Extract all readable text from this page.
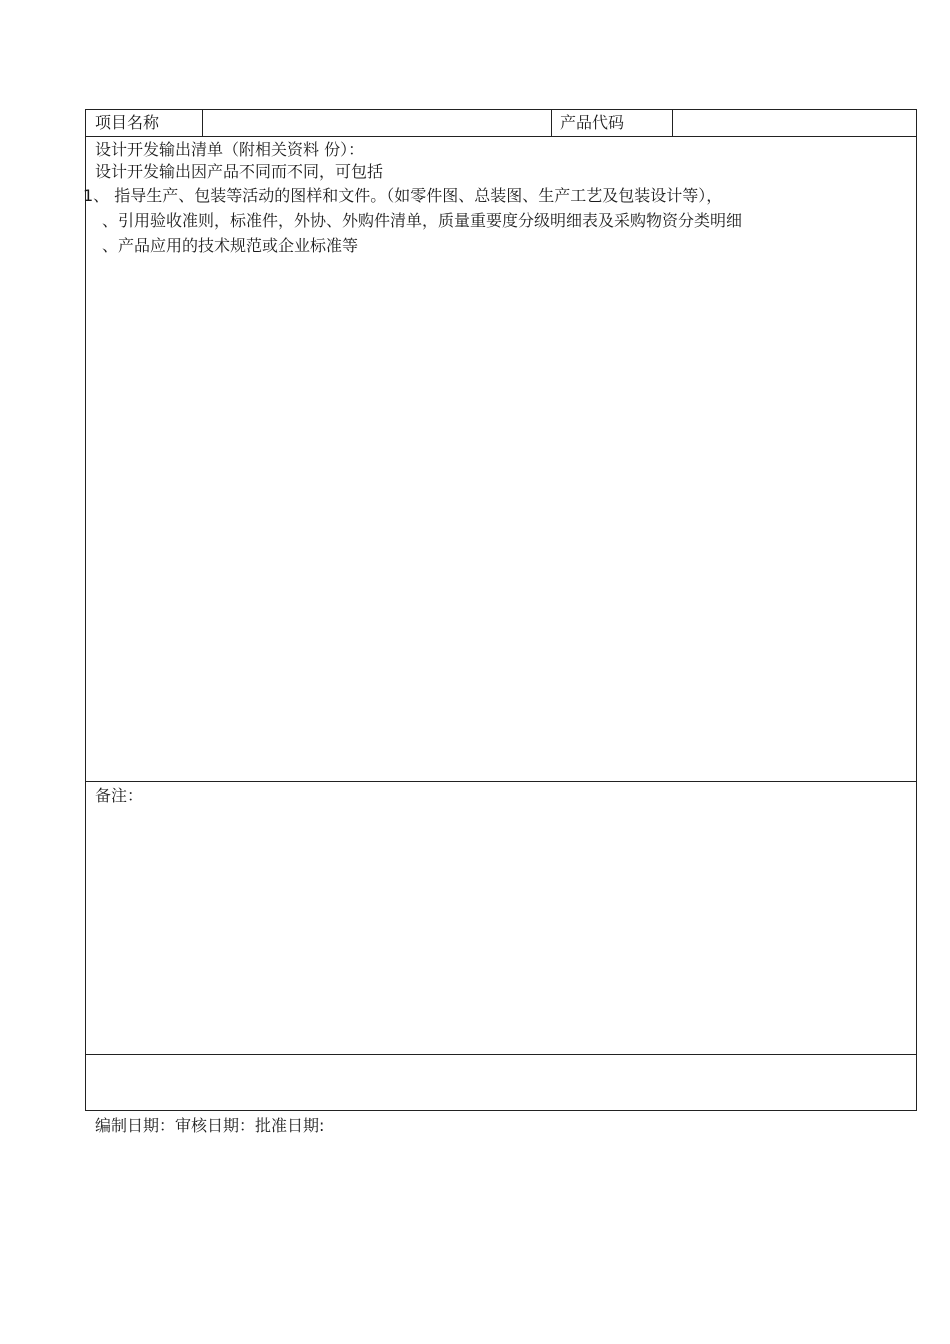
项目名称	产品代码
设计开发输出清单（附相关资料 份）：
设计开发输出因产品不同而不同，可包括
1、 指导生产、包装等活动的图样和文件。（如零件图、总装图、生产工艺及包装设计等），
、引用验收准则，标准件，外协、外购件清单，质量重要度分级明细表及采购物资分类明细
、产品应用的技术规范或企业标准等
备注：
编制日期：审核日期：批准日期:
